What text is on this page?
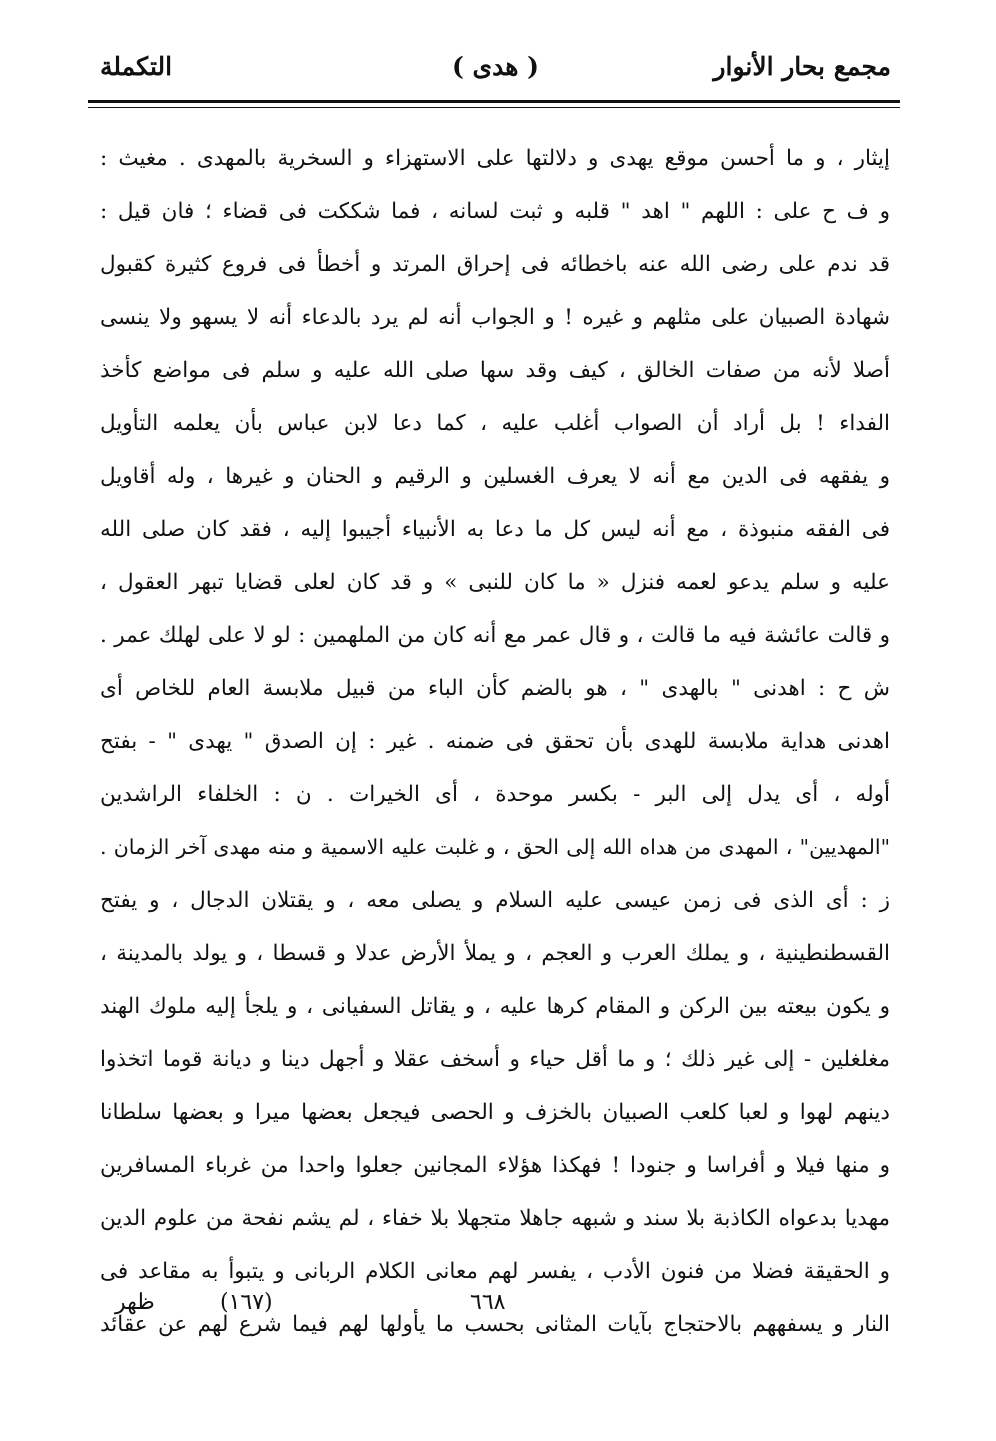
مجمع بحار الأنوار
( هدى )
التكملة
إيثار ، و ما أحسن موقع يهدى و دلالتها على الاستهزاء و السخرية بالمهدى . مغيث :
و ف ح على : اللهم " اهد " قلبه و ثبت لسانه ، فما شككت فى قضاء ؛ فان قيل :
قد ندم على رضى الله عنه باخطائه فى إحراق المرتد و أخطأ فى فروع كثيرة كقبول
شهادة الصبيان على مثلهم و غيره ! و الجواب أنه لم يرد بالدعاء أنه لا يسهو ولا ينسى
أصلا لأنه من صفات الخالق ، كيف وقد سها صلى الله عليه و سلم فى مواضع كأخذ
الفداء ! بل أراد أن الصواب أغلب عليه ، كما دعا لابن عباس بأن يعلمه التأويل
و يفقهه فى الدين مع أنه لا يعرف الغسلين و الرقيم و الحنان و غيرها ، وله أقاويل
فى الفقه منبوذة ، مع أنه ليس كل ما دعا به الأنبياء أجيبوا إليه ، فقد كان صلى الله
عليه و سلم يدعو لعمه فنزل « ما كان للنبى » و قد كان لعلى قضايا تبهر العقول ،
و قالت عائشة فيه ما قالت ، و قال عمر مع أنه كان من الملهمين : لو لا على لهلك عمر .
ش ح : اهدنى " بالهدى " ، هو بالضم كأن الباء من قبيل ملابسة العام للخاص أى
اهدنى هداية ملابسة للهدى بأن تحقق فى ضمنه . غير : إن الصدق " يهدى " - بفتح
أوله ، أى يدل إلى البر - بكسر موحدة ، أى الخيرات . ن : الخلفاء الراشدين
"المهديين" ، المهدى من هداه الله إلى الحق ، و غلبت عليه الاسمية و منه مهدى آخر الزمان .
ز : أى الذى فى زمن عيسى عليه السلام و يصلى معه ، و يقتلان الدجال ، و يفتح
القسطنطينية ، و يملك العرب و العجم ، و يملأ الأرض عدلا و قسطا ، و يولد بالمدينة ،
و يكون بيعته بين الركن و المقام كرها عليه ، و يقاتل السفيانى ، و يلجأ إليه ملوك الهند
مغلغلين - إلى غير ذلك ؛ و ما أقل حياء و أسخف عقلا و أجهل دينا و ديانة قوما اتخذوا
دينهم لهوا و لعبا كلعب الصبيان بالخزف و الحصى فيجعل بعضها ميرا و بعضها سلطانا
و منها فيلا و أفراسا و جنودا ! فهكذا هؤلاء المجانين جعلوا واحدا من غرباء المسافرين
مهديا بدعواه الكاذبة بلا سند و شبهه جاهلا متجهلا بلا خفاء ، لم يشم نفحة من علوم الدين
و الحقيقة فضلا من فنون الأدب ، يفسر لهم معانى الكلام الربانى و يتبوأ به مقاعد فى
النار و يسفههم بالاحتجاج بآيات المثانى بحسب ما يأولها لهم فيما شرع لهم عن عقائد
ظهر	(١٦٧)	٦٦٨
